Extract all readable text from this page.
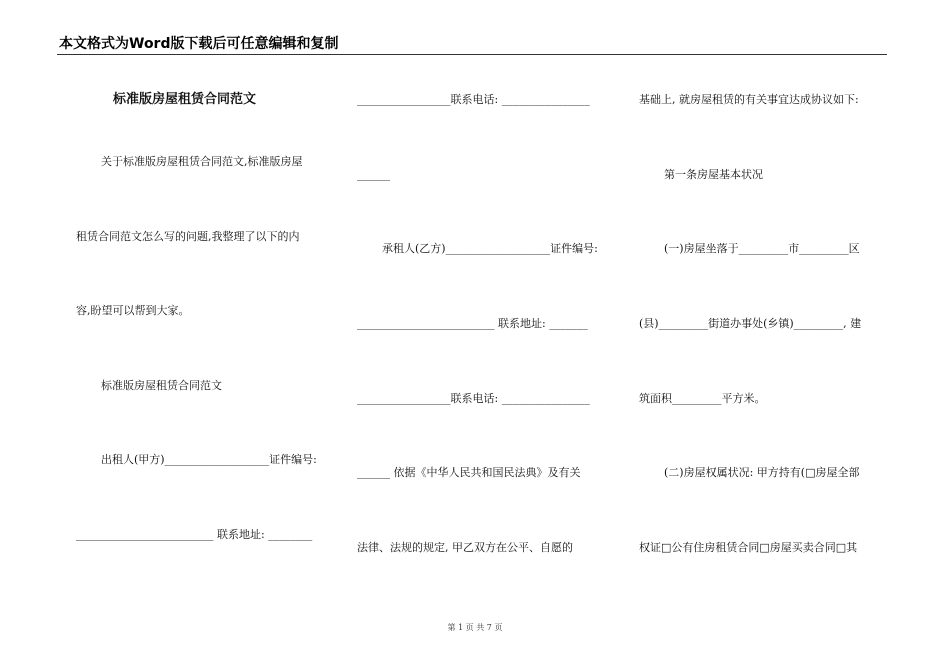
本文格式为Word版下载后可任意编辑和复制
标准版房屋租赁合同范文
关于标准版房屋租赁合同范文,标准版房屋
租赁合同范文怎么写的问题,我整理了以下的内
容,盼望可以帮到大家。
标准版房屋租赁合同范文
出租人(甲方)___________________证件编号:
_________________________ 联系地址: ________
_________________联系电话: ________________
______
承租人(乙方)___________________证件编号:
_________________________ 联系地址: _______
_________________联系电话: ________________
______ 依据《中华人民共和国民法典》及有关
法律、法规的规定, 甲乙双方在公平、自愿的
基础上, 就房屋租赁的有关事宜达成协议如下:
第一条房屋基本状况
(一)房屋坐落于_________市_________区
(县)_________街道办事处(乡镇)_________, 建
筑面积_________平方米。
(二)房屋权属状况: 甲方持有(□房屋全部
权证□公有住房租赁合同□房屋买卖合同□其
第 1 页 共 7 页
